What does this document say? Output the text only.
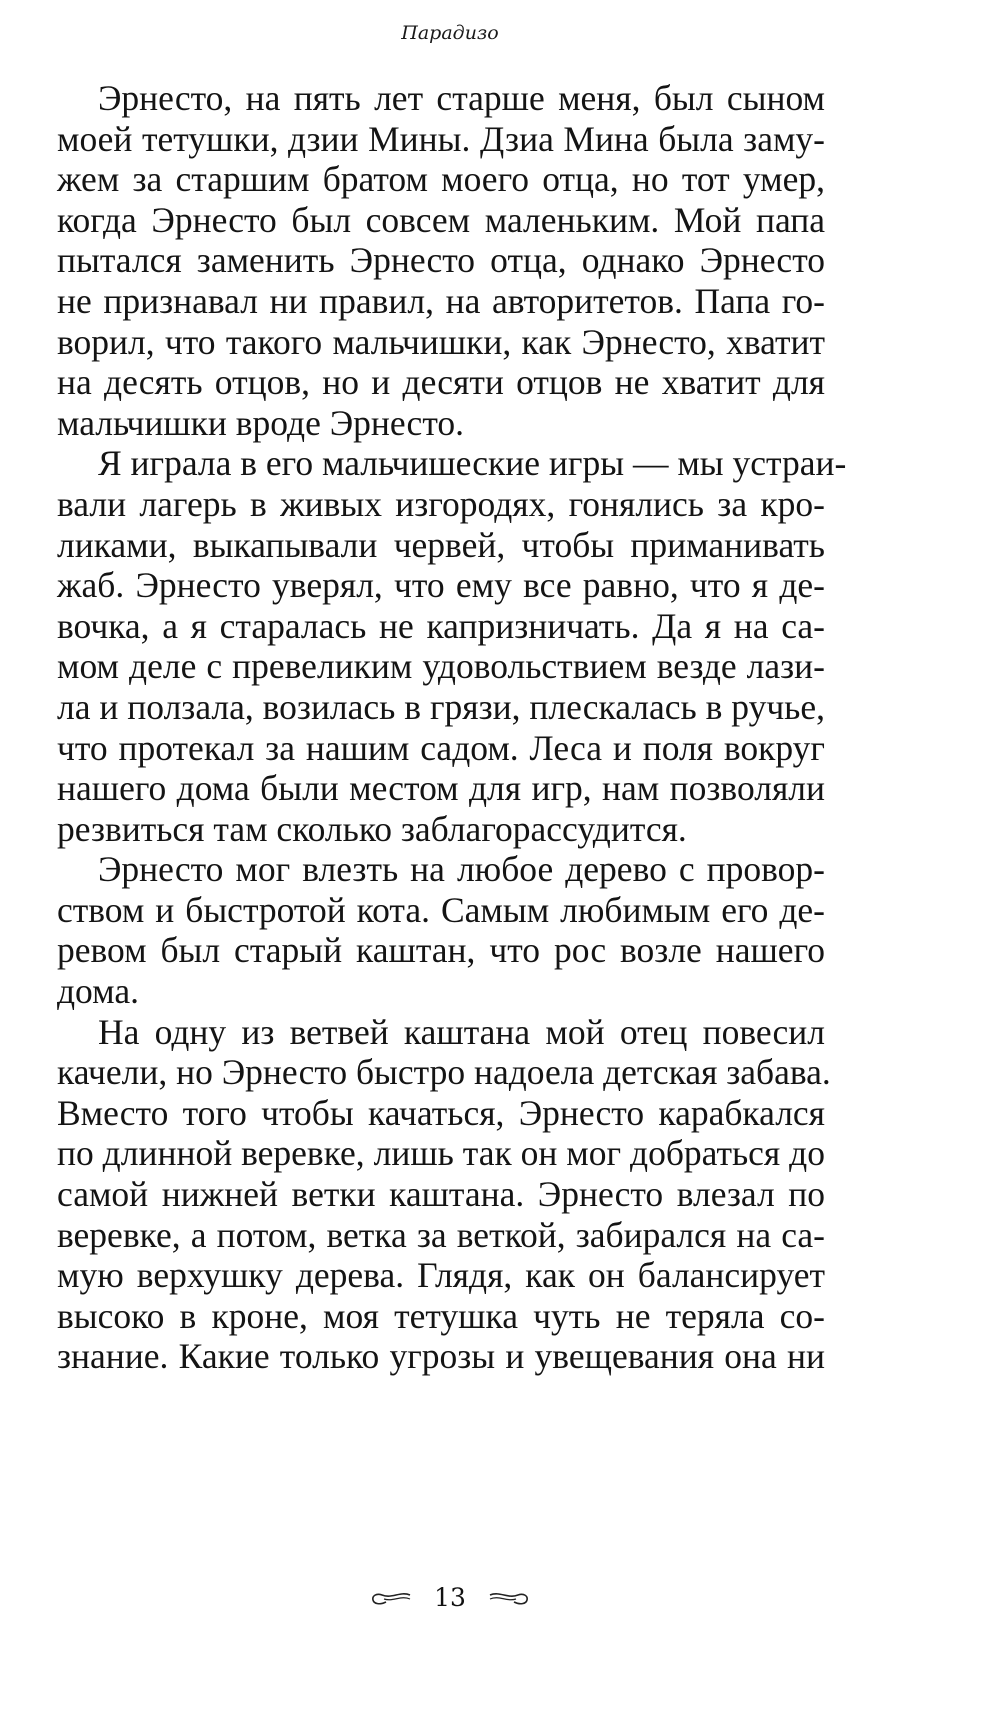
Парадизо
Эрнесто, на пять лет старше меня, был сыном
моей тетушки, дзии Мины. Дзиа Мина была заму-
жем за старшим братом моего отца, но тот умер,
когда Эрнесто был совсем маленьким. Мой папа
пытался заменить Эрнесто отца, однако Эрнесто
не признавал ни правил, на авторитетов. Папа го-
ворил, что такого мальчишки, как Эрнесто, хватит
на десять отцов, но и десяти отцов не хватит для
мальчишки вроде Эрнесто.
Я играла в его мальчишеские игры — мы устраи-
вали лагерь в живых изгородях, гонялись за кро-
ликами, выкапывали червей, чтобы приманивать
жаб. Эрнесто уверял, что ему все равно, что я де-
вочка, а я старалась не капризничать. Да я на са-
мом деле с превеликим удовольствием везде лази-
ла и ползала, возилась в грязи, плескалась в ручье,
что протекал за нашим садом. Леса и поля вокруг
нашего дома были местом для игр, нам позволяли
резвиться там сколько заблагорассудится.
Эрнесто мог влезть на любое дерево с провор-
ством и быстротой кота. Самым любимым его де-
ревом был старый каштан, что рос возле нашего
дома.
На одну из ветвей каштана мой отец повесил
качели, но Эрнесто быстро надоела детская забава.
Вместо того чтобы качаться, Эрнесто карабкался
по длинной веревке, лишь так он мог добраться до
самой нижней ветки каштана. Эрнесто влезал по
веревке, а потом, ветка за веткой, забирался на са-
мую верхушку дерева. Глядя, как он балансирует
высоко в кроне, моя тетушка чуть не теряла со-
знание. Какие только угрозы и увещевания она ни
13
